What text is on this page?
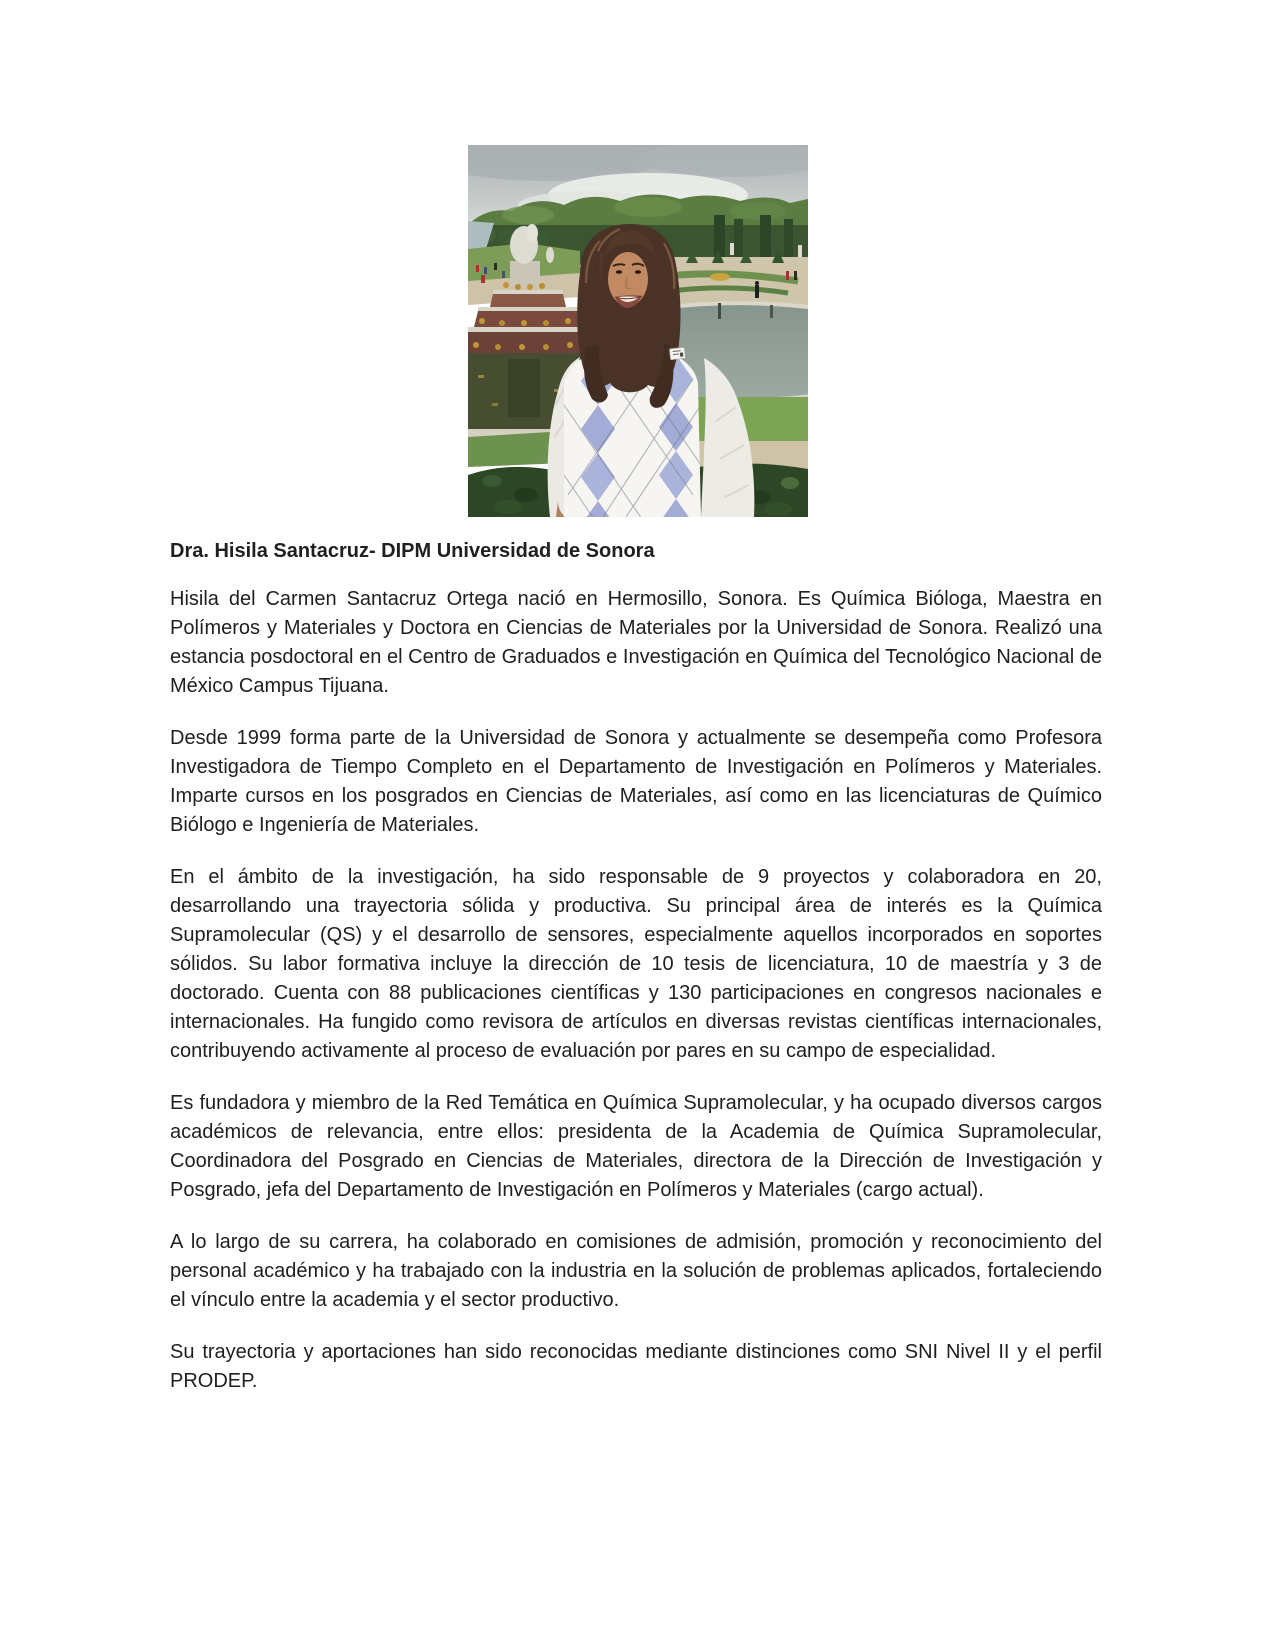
Dra. Hisila Santacruz- DIPM Universidad de Sonora

Hisila del Carmen Santacruz Ortega nació en Hermosillo, Sonora. Es Química Bióloga, Maestra en Polímeros y Materiales y Doctora en Ciencias de Materiales por la Universidad de Sonora. Realizó una estancia posdoctoral en el Centro de Graduados e Investigación en Química del Tecnológico Nacional de México Campus Tijuana.

Desde 1999 forma parte de la Universidad de Sonora y actualmente se desempeña como Profesora Investigadora de Tiempo Completo en el Departamento de Investigación en Polímeros y Materiales. Imparte cursos en los posgrados en Ciencias de Materiales, así como en las licenciaturas de Químico Biólogo e Ingeniería de Materiales.

En el ámbito de la investigación, ha sido responsable de 9 proyectos y colaboradora en 20, desarrollando una trayectoria sólida y productiva. Su principal área de interés es la Química Supramolecular (QS) y el desarrollo de sensores, especialmente aquellos incorporados en soportes sólidos. Su labor formativa incluye la dirección de 10 tesis de licenciatura, 10 de maestría y 3 de doctorado. Cuenta con 88 publicaciones científicas y 130 participaciones en congresos nacionales e internacionales. Ha fungido como revisora de artículos en diversas revistas científicas internacionales, contribuyendo activamente al proceso de evaluación por pares en su campo de especialidad.

Es fundadora y miembro de la Red Temática en Química Supramolecular, y ha ocupado diversos cargos académicos de relevancia, entre ellos: presidenta de la Academia de Química Supramolecular, Coordinadora del Posgrado en Ciencias de Materiales, directora de la Dirección de Investigación y Posgrado, jefa del Departamento de Investigación en Polímeros y Materiales (cargo actual).

A lo largo de su carrera, ha colaborado en comisiones de admisión, promoción y reconocimiento del personal académico y ha trabajado con la industria en la solución de problemas aplicados, fortaleciendo el vínculo entre la academia y el sector productivo.

Su trayectoria y aportaciones han sido reconocidas mediante distinciones como SNI Nivel II y el perfil PRODEP.
